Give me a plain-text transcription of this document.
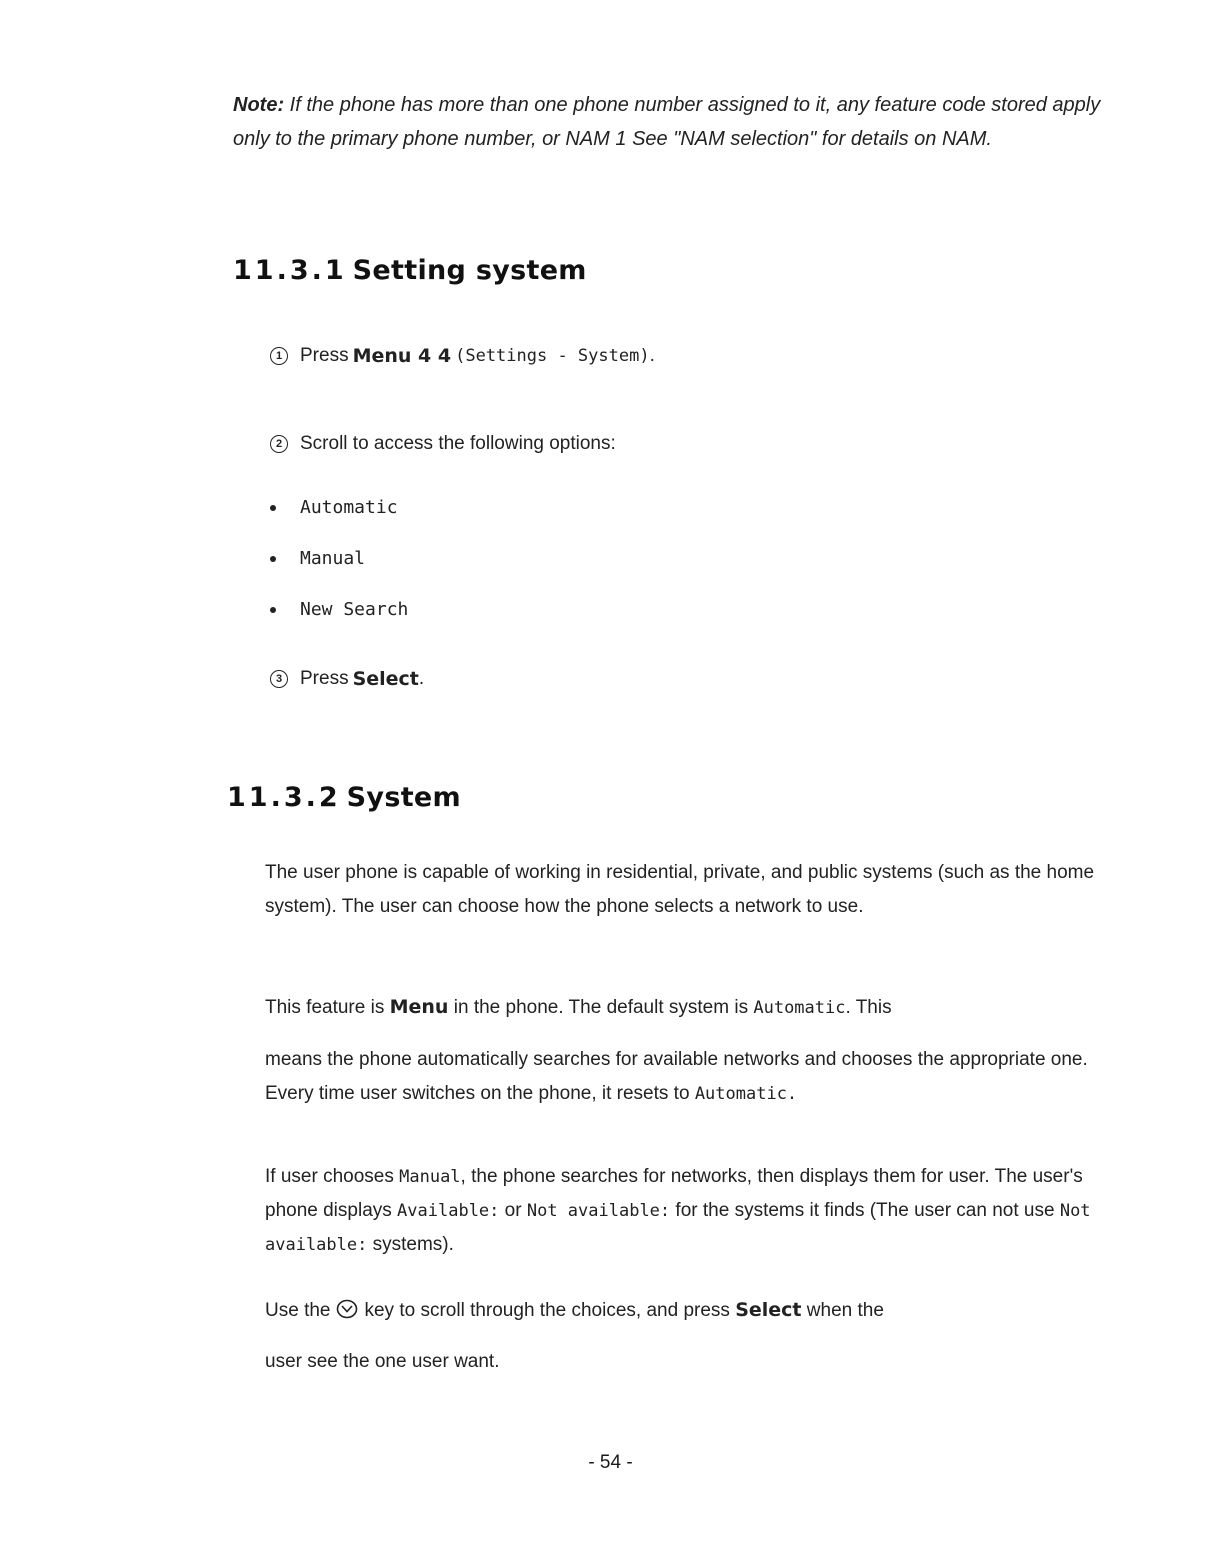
Note: If the phone has more than one phone number assigned to it, any feature code stored apply only to the primary phone number, or NAM 1 See "NAM selection" for details on NAM.
11.3.1 Setting system
1 Press Menu 4 4 (Settings - System) .
2 Scroll to access the following options:
Automatic
Manual
New Search
3 Press Select .
11.3.2 System

The user phone is capable of working in residential, private, and public systems (such as the home system). The user can choose how the phone selects a network to use.

This feature is Menu in the phone. The default system is Automatic. This

means the phone automatically searches for available networks and chooses the appropriate one. Every time user switches on the phone, it resets to Automatic.

If user chooses Manual, the phone searches for networks, then displays them for user. The user's phone displays Available: or Not available: for the systems it finds (The user can not use Not available: systems).

Use the key to scroll through the choices, and press Select when the

user see the one user want.

- 54 -
